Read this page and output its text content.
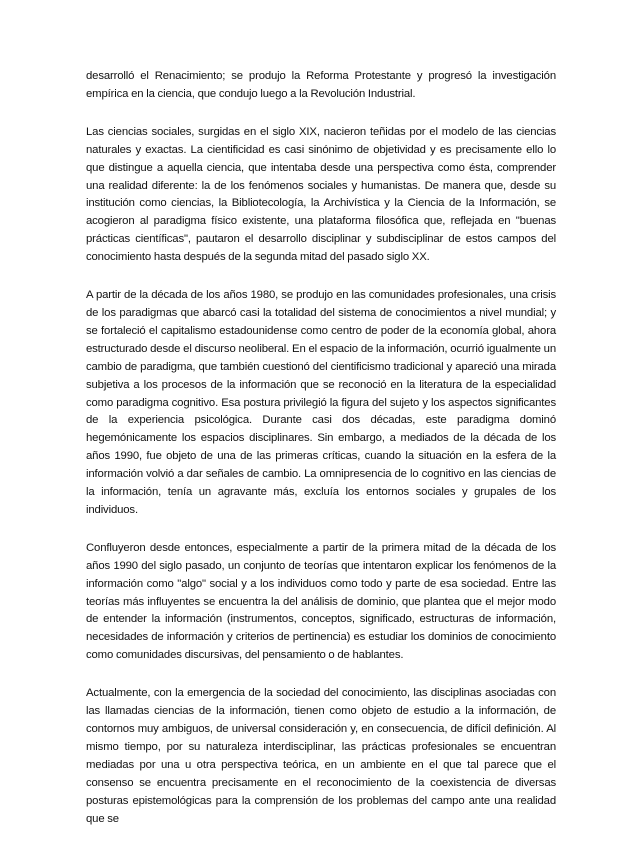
desarrolló el Renacimiento; se produjo la Reforma Protestante y progresó la investigación empírica en la ciencia, que condujo luego a la Revolución Industrial.

Las ciencias sociales, surgidas en el siglo XIX, nacieron teñidas por el modelo de las ciencias naturales y exactas. La cientificidad es casi sinónimo de objetividad y es precisamente ello lo que distingue a aquella ciencia, que intentaba desde una perspectiva como ésta, comprender una realidad diferente: la de los fenómenos sociales y humanistas. De manera que, desde su institución como ciencias, la Bibliotecología, la Archivística y la Ciencia de la Información, se acogieron al paradigma físico existente, una plataforma filosófica que, reflejada en "buenas prácticas científicas", pautaron el desarrollo disciplinar y subdisciplinar de estos campos del conocimiento hasta después de la segunda mitad del pasado siglo XX.

A partir de la década de los años 1980, se produjo en las comunidades profesionales, una crisis de los paradigmas que abarcó casi la totalidad del sistema de conocimientos a nivel mundial; y se fortaleció el capitalismo estadounidense como centro de poder de la economía global, ahora estructurado desde el discurso neoliberal. En el espacio de la información, ocurrió igualmente un cambio de paradigma, que también cuestionó del cientificismo tradicional y apareció una mirada subjetiva a los procesos de la información que se reconoció en la literatura de la especialidad como paradigma cognitivo. Esa postura privilegió la figura del sujeto y los aspectos significantes de la experiencia psicológica. Durante casi dos décadas, este paradigma dominó hegemónicamente los espacios disciplinares. Sin embargo, a mediados de la década de los años 1990, fue objeto de una de las primeras críticas, cuando la situación en la esfera de la información volvió a dar señales de cambio. La omnipresencia de lo cognitivo en las ciencias de la información, tenía un agravante más, excluía los entornos sociales y grupales de los individuos.

Confluyeron desde entonces, especialmente a partir de la primera mitad de la década de los años 1990 del siglo pasado, un conjunto de teorías que intentaron explicar los fenómenos de la información como "algo" social y a los individuos como todo y parte de esa sociedad. Entre las teorías más influyentes se encuentra la del análisis de dominio, que plantea que el mejor modo de entender la información (instrumentos, conceptos, significado, estructuras de información, necesidades de información y criterios de pertinencia) es estudiar los dominios de conocimiento como comunidades discursivas, del pensamiento o de hablantes.

Actualmente, con la emergencia de la sociedad del conocimiento, las disciplinas asociadas con las llamadas ciencias de la información, tienen como objeto de estudio a la información, de contornos muy ambiguos, de universal consideración y, en consecuencia, de difícil definición. Al mismo tiempo, por su naturaleza interdisciplinar, las prácticas profesionales se encuentran mediadas por una u otra perspectiva teórica, en un ambiente en el que tal parece que el consenso se encuentra precisamente en el reconocimiento de la coexistencia de diversas posturas epistemológicas para la comprensión de los problemas del campo ante una realidad que se
